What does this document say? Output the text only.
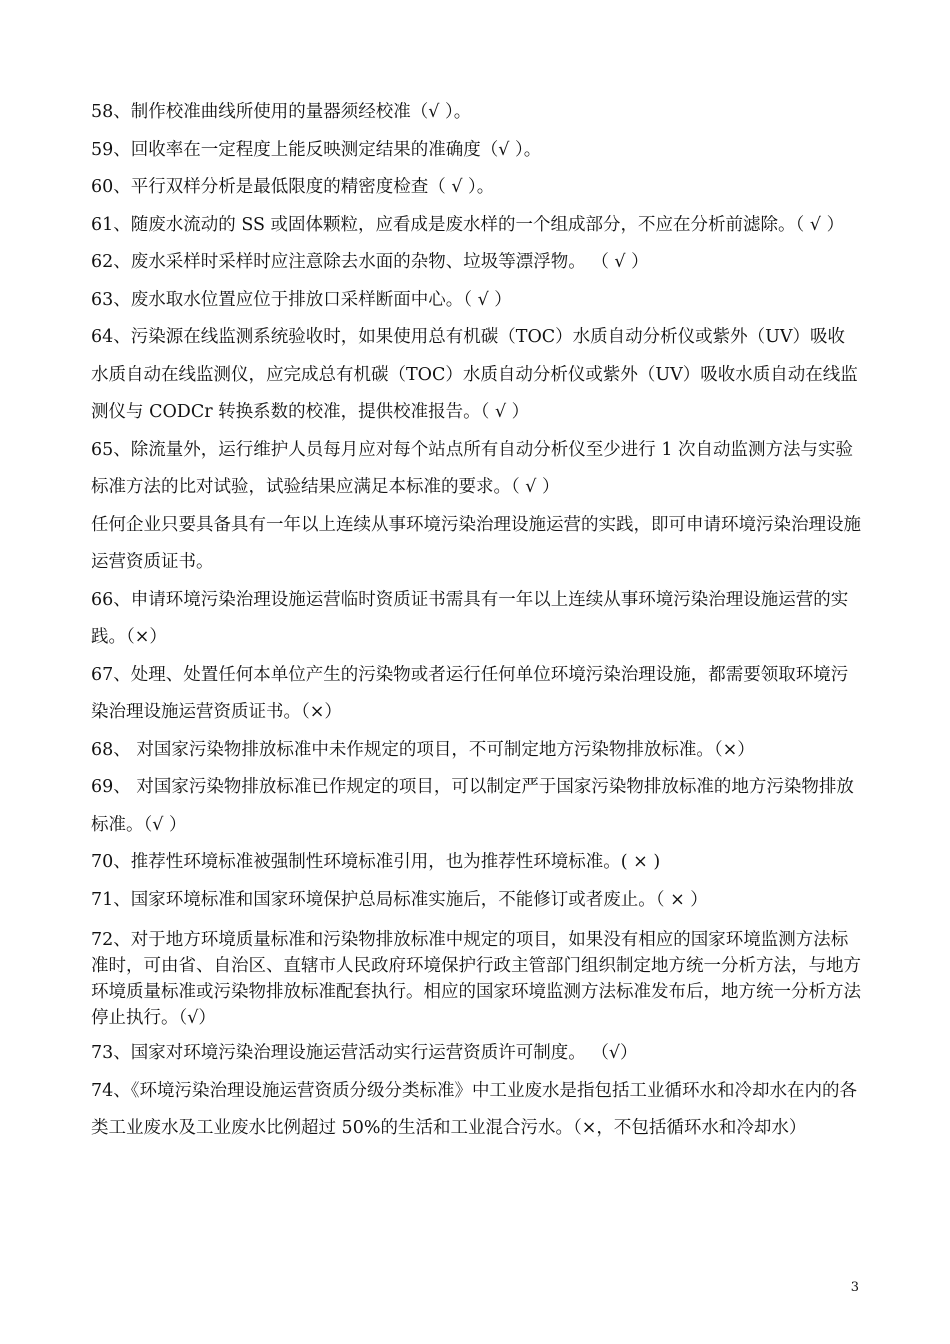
58、制作校准曲线所使用的量器须经校准（√ ）。

59、回收率在一定程度上能反映测定结果的准确度（√ ）。

60、平行双样分析是最低限度的精密度检查（ √ ）。

61、随废水流动的 SS 或固体颗粒，应看成是废水样的一个组成部分，不应在分析前滤除。（ √ ）

62、废水采样时采样时应注意除去水面的杂物、垃圾等漂浮物。 （ √ ）

63、废水取水位置应位于排放口采样断面中心。（ √ ）

64、污染源在线监测系统验收时，如果使用总有机碳（TOC）水质自动分析仪或紫外（UV）吸收水质自动在线监测仪，应完成总有机碳（TOC）水质自动分析仪或紫外（UV）吸收水质自动在线监测仪与 CODCr 转换系数的校准，提供校准报告。（ √ ）

65、除流量外，运行维护人员每月应对每个站点所有自动分析仪至少进行 1 次自动监测方法与实验标准方法的比对试验，试验结果应满足本标准的要求。（ √ ）

任何企业只要具备具有一年以上连续从事环境污染治理设施运营的实践，即可申请环境污染治理设施运营资质证书。

66、申请环境污染治理设施运营临时资质证书需具有一年以上连续从事环境污染治理设施运营的实践。（×）

67、处理、处置任何本单位产生的污染物或者运行任何单位环境污染治理设施，都需要领取环境污染治理设施运营资质证书。（×）

68、 对国家污染物排放标准中未作规定的项目，不可制定地方污染物排放标准。（×）

69、 对国家污染物排放标准已作规定的项目，可以制定严于国家污染物排放标准的地方污染物排放标准。（√ ）

70、推荐性环境标准被强制性环境标准引用，也为推荐性环境标准。( × )

71、国家环境标准和国家环境保护总局标准实施后，不能修订或者废止。（ × ）

72、对于地方环境质量标准和污染物排放标准中规定的项目，如果没有相应的国家环境监测方法标准时，可由省、自治区、直辖市人民政府环境保护行政主管部门组织制定地方统一分析方法，与地方环境质量标准或污染物排放标准配套执行。相应的国家环境监测方法标准发布后，地方统一分析方法停止执行。（√）

73、国家对环境污染治理设施运营活动实行运营资质许可制度。 （√）

74、《环境污染治理设施运营资质分级分类标准》中工业废水是指包括工业循环水和冷却水在内的各类工业废水及工业废水比例超过 50%的生活和工业混合污水。（×，不包括循环水和冷却水）

3
